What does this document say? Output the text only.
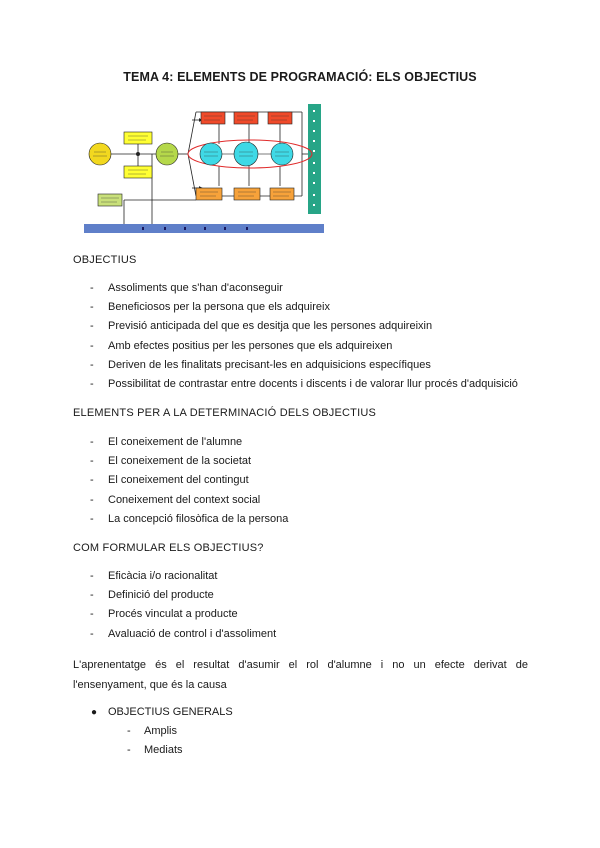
TEMA 4: ELEMENTS DE PROGRAMACIÓ: ELS OBJECTIUS
OBJECTIUS
- Assoliments que s'han d'aconseguir
- Beneficiosos per la persona que els adquireix
- Previsió anticipada del que es desitja que les persones adquireixin
- Amb efectes positius per les persones que els adquireixen
- Deriven de les finalitats precisant-les en adquisicions específiques
- Possibilitat de contrastar entre docents i discents i de valorar llur procés d'adquisició
ELEMENTS PER A LA DETERMINACIÓ DELS OBJECTIUS
- El coneixement de l'alumne
- El coneixement de la societat
- El coneixement del contingut
- Coneixement del context social
- La concepció filosòfica de la persona
COM FORMULAR ELS OBJECTIUS?
- Eficàcia i/o racionalitat
- Definició del producte
- Procés vinculat a producte
- Avaluació de control i d'assoliment
L'aprenentatge és el resultat d'asumir el rol d'alumne i no un efecte derivat de
l'ensenyament, que és la causa
● OBJECTIUS GENERALS
- Amplis
- Mediats
